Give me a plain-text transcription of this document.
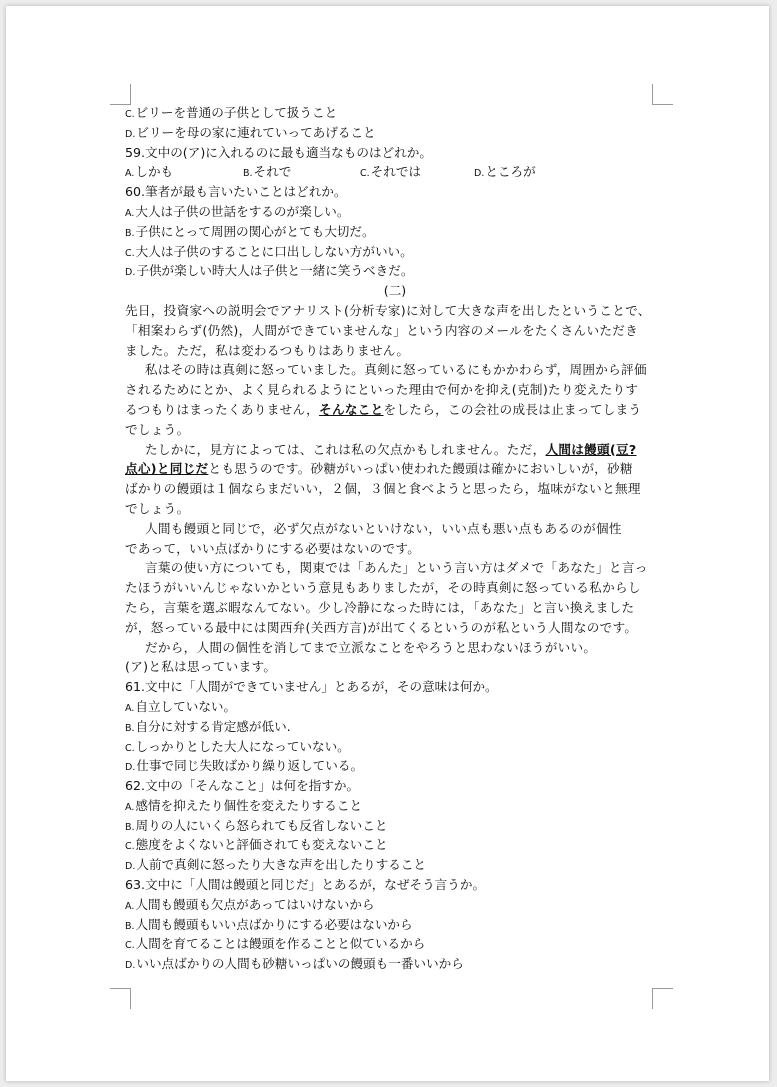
C.ビリーを普通の子供として扱うこと
D.ビリーを母の家に連れていってあげること
59.文中の(ア)に入れるのに最も適当なものはどれか。
A.しかも	B.それで	C.それでは	D.ところが
60.筆者が最も言いたいことはどれか。
A.大人は子供の世話をするのが楽しい。
B.子供にとって周囲の関心がとても大切だ。
C.大人は子供のすることに口出ししない方がいい。
D.子供が楽しい時大人は子供と一緒に笑うべきだ。
(二)
先日，投資家への説明会でアナリスト(分析专家)に対して大きな声を出したということで、
「相案わらず(仍然)，人間ができていませんな」という内容のメールをたくさんいただき
ました。ただ，私は変わるつもりはありません。
私はその時は真剣に怒っていました。真剣に怒っているにもかかわらず，周囲から評価
されるためにとか、よく見られるようにといった理由で何かを抑え(克制)たり変えたりす
るつもりはまったくありません，そんなことをしたら，この会社の成長は止まってしまう
でしょう。
たしかに，見方によっては、これは私の欠点かもしれません。ただ，人間は饅頭(豆?
点心)と同じだとも思うのです。砂糖がいっぱい使われた饅頭は確かにおいしいが，砂糖
ばかりの饅頭は１個ならまだいい，２個，３個と食べようと思ったら，塩味がないと無理
でしょう。
人間も饅頭と同じで，必ず欠点がないといけない，いい点も悪い点もあるのが個性
であって，いい点ばかりにする必要はないのです。
言葉の使い方についても，関東では「あんた」という言い方はダメで「あなた」と言っ
たほうがいいんじゃないかという意見もありましたが，その時真剣に怒っている私からし
たら，言葉を選ぶ暇なんてない。少し冷静になった時には，「あなた」と言い換えました
が，怒っている最中には関西弁(关西方言)が出てくるというのが私という人間なのです。
だから，人間の個性を消してまで立派なことをやろうと思わないほうがいい。
(ア)と私は思っています。
61.文中に「人間ができていません」とあるが，その意味は何か。
A.自立していない。
B.自分に対する肯定感が低い.
C.しっかりとした大人になっていない。
D.仕事で同じ失敗ばかり繰り返している。
62.文中の「そんなこと」は何を指すか。
A.感情を抑えたり個性を変えたりすること
B.周りの人にいくら怒られても反省しないこと
C.態度をよくないと評価されても変えないこと
D.人前で真剣に怒ったり大きな声を出したりすること
63.文中に「人間は饅頭と同じだ」とあるが，なぜそう言うか。
A.人間も饅頭も欠点があってはいけないから
B.人間も饅頭もいい点ばかりにする必要はないから
C.人間を育てることは饅頭を作ることと似ているから
D.いい点ばかりの人間も砂糖いっぱいの饅頭も一番いいから
